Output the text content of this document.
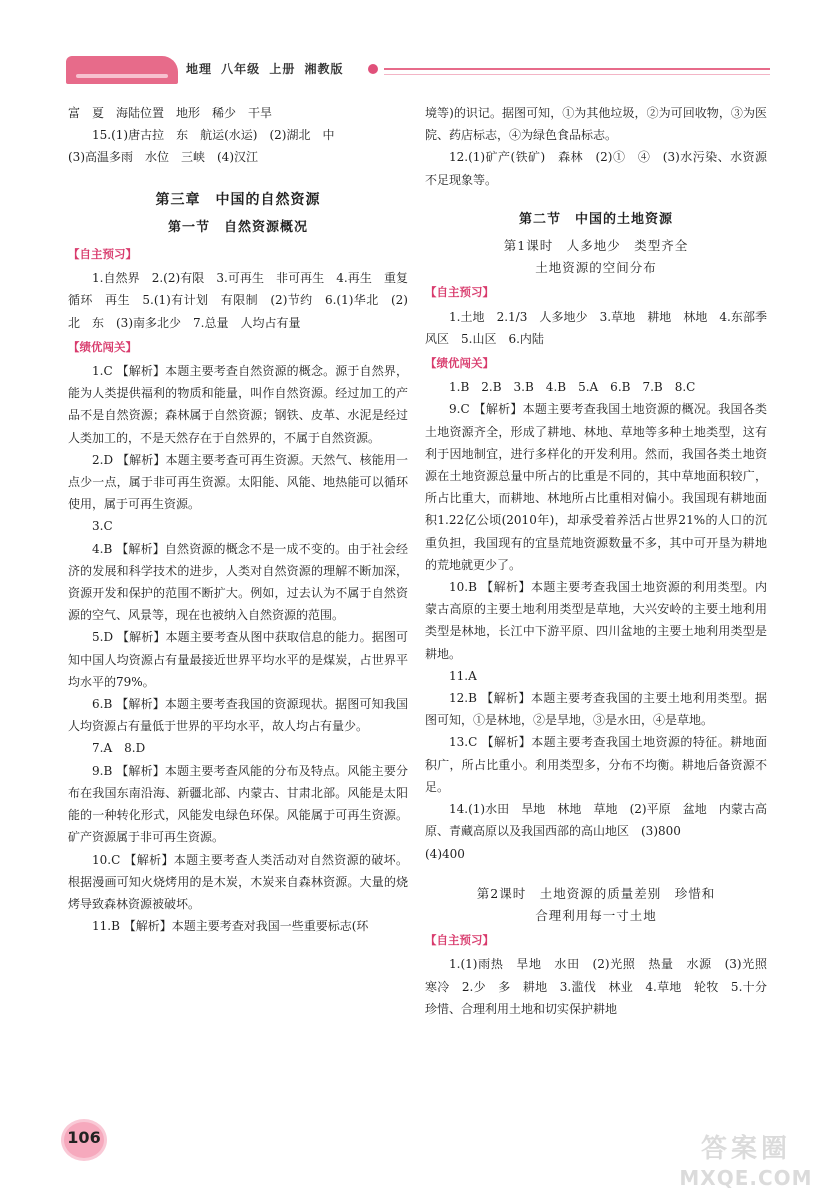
地理 八年级 上册 湘教版

富　夏　海陆位置　地形　稀少　干旱

15.(1)唐古拉　东　航运(水运)　(2)湖北　中

(3)高温多雨　水位　三峡　(4)汉江

第三章　中国的自然资源

第一节　自然资源概况

【自主预习】

1.自然界　2.(2)有限　3.可再生　非可再生　4.再生　重复　循环　再生　5.(1)有计划　有限制　(2)节约　6.(1)华北　(2)北　东　(3)南多北少　7.总量　人均占有量

【绩优闯关】

1.C 【解析】本题主要考查自然资源的概念。源于自然界，能为人类提供福利的物质和能量，叫作自然资源。经过加工的产品不是自然资源；森林属于自然资源；钢铁、皮革、水泥是经过人类加工的，不是天然存在于自然界的，不属于自然资源。

2.D 【解析】本题主要考查可再生资源。天然气、核能用一点少一点，属于非可再生资源。太阳能、风能、地热能可以循环使用，属于可再生资源。

3.C

4.B 【解析】自然资源的概念不是一成不变的。由于社会经济的发展和科学技术的进步，人类对自然资源的理解不断加深，资源开发和保护的范围不断扩大。例如，过去认为不属于自然资源的空气、风景等，现在也被纳入自然资源的范围。

5.D 【解析】本题主要考查从图中获取信息的能力。据图可知中国人均资源占有量最接近世界平均水平的是煤炭，占世界平均水平的79%。

6.B 【解析】本题主要考查我国的资源现状。据图可知我国人均资源占有量低于世界的平均水平，故人均占有量少。

7.A　8.D

9.B 【解析】本题主要考查风能的分布及特点。风能主要分布在我国东南沿海、新疆北部、内蒙古、甘肃北部。风能是太阳能的一种转化形式，风能发电绿色环保。风能属于可再生资源。矿产资源属于非可再生资源。

10.C 【解析】本题主要考查人类活动对自然资源的破坏。根据漫画可知火烧烤用的是木炭，木炭来自森林资源。大量的烧烤导致森林资源被破坏。

11.B 【解析】本题主要考查对我国一些重要标志(环

境等)的识记。据图可知，①为其他垃圾，②为可回收物，③为医院、药店标志，④为绿色食品标志。

12.(1)矿产(铁矿)　森林　(2)①　④　(3)水污染、水资源不足现象等。

第二节　中国的土地资源

第1课时　人多地少　类型齐全

土地资源的空间分布

【自主预习】

1.土地　2.1/3　人多地少　3.草地　耕地　林地　4.东部季风区　5.山区　6.内陆

【绩优闯关】

1.B　2.B　3.B　4.B　5.A　6.B　7.B　8.C

9.C 【解析】本题主要考查我国土地资源的概况。我国各类土地资源齐全，形成了耕地、林地、草地等多种土地类型，这有利于因地制宜，进行多样化的开发利用。然而，我国各类土地资源在土地资源总量中所占的比重是不同的，其中草地面积较广，所占比重大，而耕地、林地所占比重相对偏小。我国现有耕地面积1.22亿公顷(2010年)，却承受着养活占世界21%的人口的沉重负担，我国现有的宜垦荒地资源数量不多，其中可开垦为耕地的荒地就更少了。

10.B 【解析】本题主要考查我国土地资源的利用类型。内蒙古高原的主要土地利用类型是草地，大兴安岭的主要土地利用类型是林地，长江中下游平原、四川盆地的主要土地利用类型是耕地。

11.A

12.B 【解析】本题主要考查我国的主要土地利用类型。据图可知，①是林地，②是旱地，③是水田，④是草地。

13.C 【解析】本题主要考查我国土地资源的特征。耕地面积广，所占比重小。利用类型多，分布不均衡。耕地后备资源不足。

14.(1)水田　旱地　林地　草地　(2)平原　盆地　内蒙古高原、青藏高原以及我国西部的高山地区　(3)800

(4)400

第2课时　土地资源的质量差别　珍惜和

合理利用每一寸土地

【自主预习】

1.(1)雨热　旱地　水田　(2)光照　热量　水源　(3)光照　寒冷　2.少　多　耕地　3.滥伐　林业　4.草地　轮牧　5.十分珍惜、合理利用土地和切实保护耕地

106	答案圈
MXQE.COM
